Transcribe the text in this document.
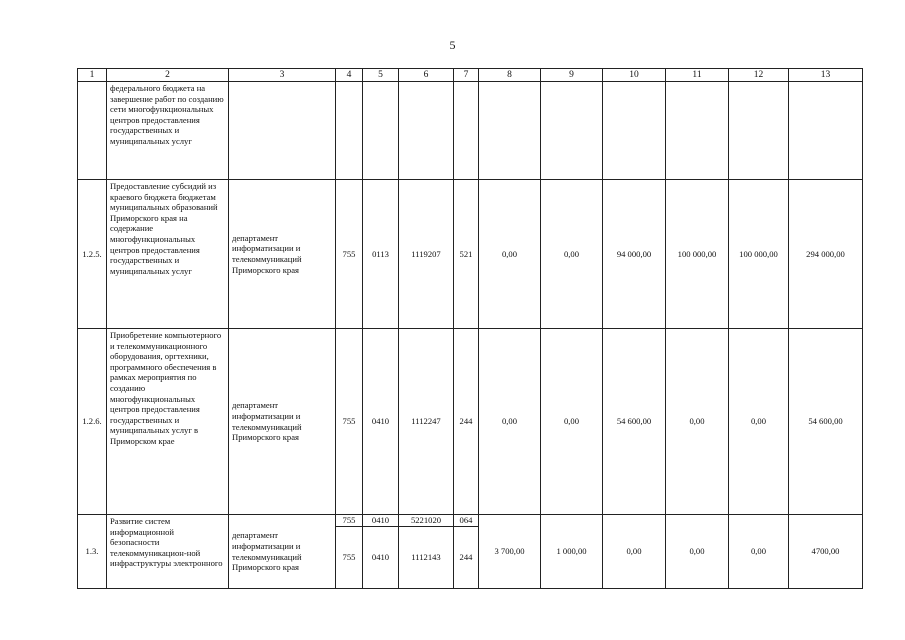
5
1	2	3	4	5	6	7	8	9	10	11	12	13
	федерального бюджета на завершение работ по созданию сети многофункциональных центров предоставления государственных и муниципальных услуг											
1.2.5.	Предоставление субсидий из краевого бюджета бюджетам муниципальных образований Приморского края на содержание многофункциональных центров предоставления государственных и муниципальных услуг	департамент информатизации и телекоммуникаций Приморского края	755	0113	1119207	521	0,00	0,00	94 000,00	100 000,00	100 000,00	294 000,00
1.2.6.	Приобретение компьютерного и телекоммуникационного оборудования, оргтехники, программного обеспечения в рамках мероприятия по созданию многофункциональных центров предоставления государственных и муниципальных услуг в Приморском крае	департамент информатизации и телекоммуникаций Приморского края	755	0410	1112247	244	0,00	0,00	54 600,00	0,00	0,00	54 600,00
1.3.	Развитие систем информационной безопасности телекоммуникацион-ной инфраструктуры электронного	департамент информатизации и телекоммуникаций Приморского края	755	0410	5221020	064	3 700,00	1 000,00	0,00	0,00	0,00	4700,00
			755	0410	1112143	244						
